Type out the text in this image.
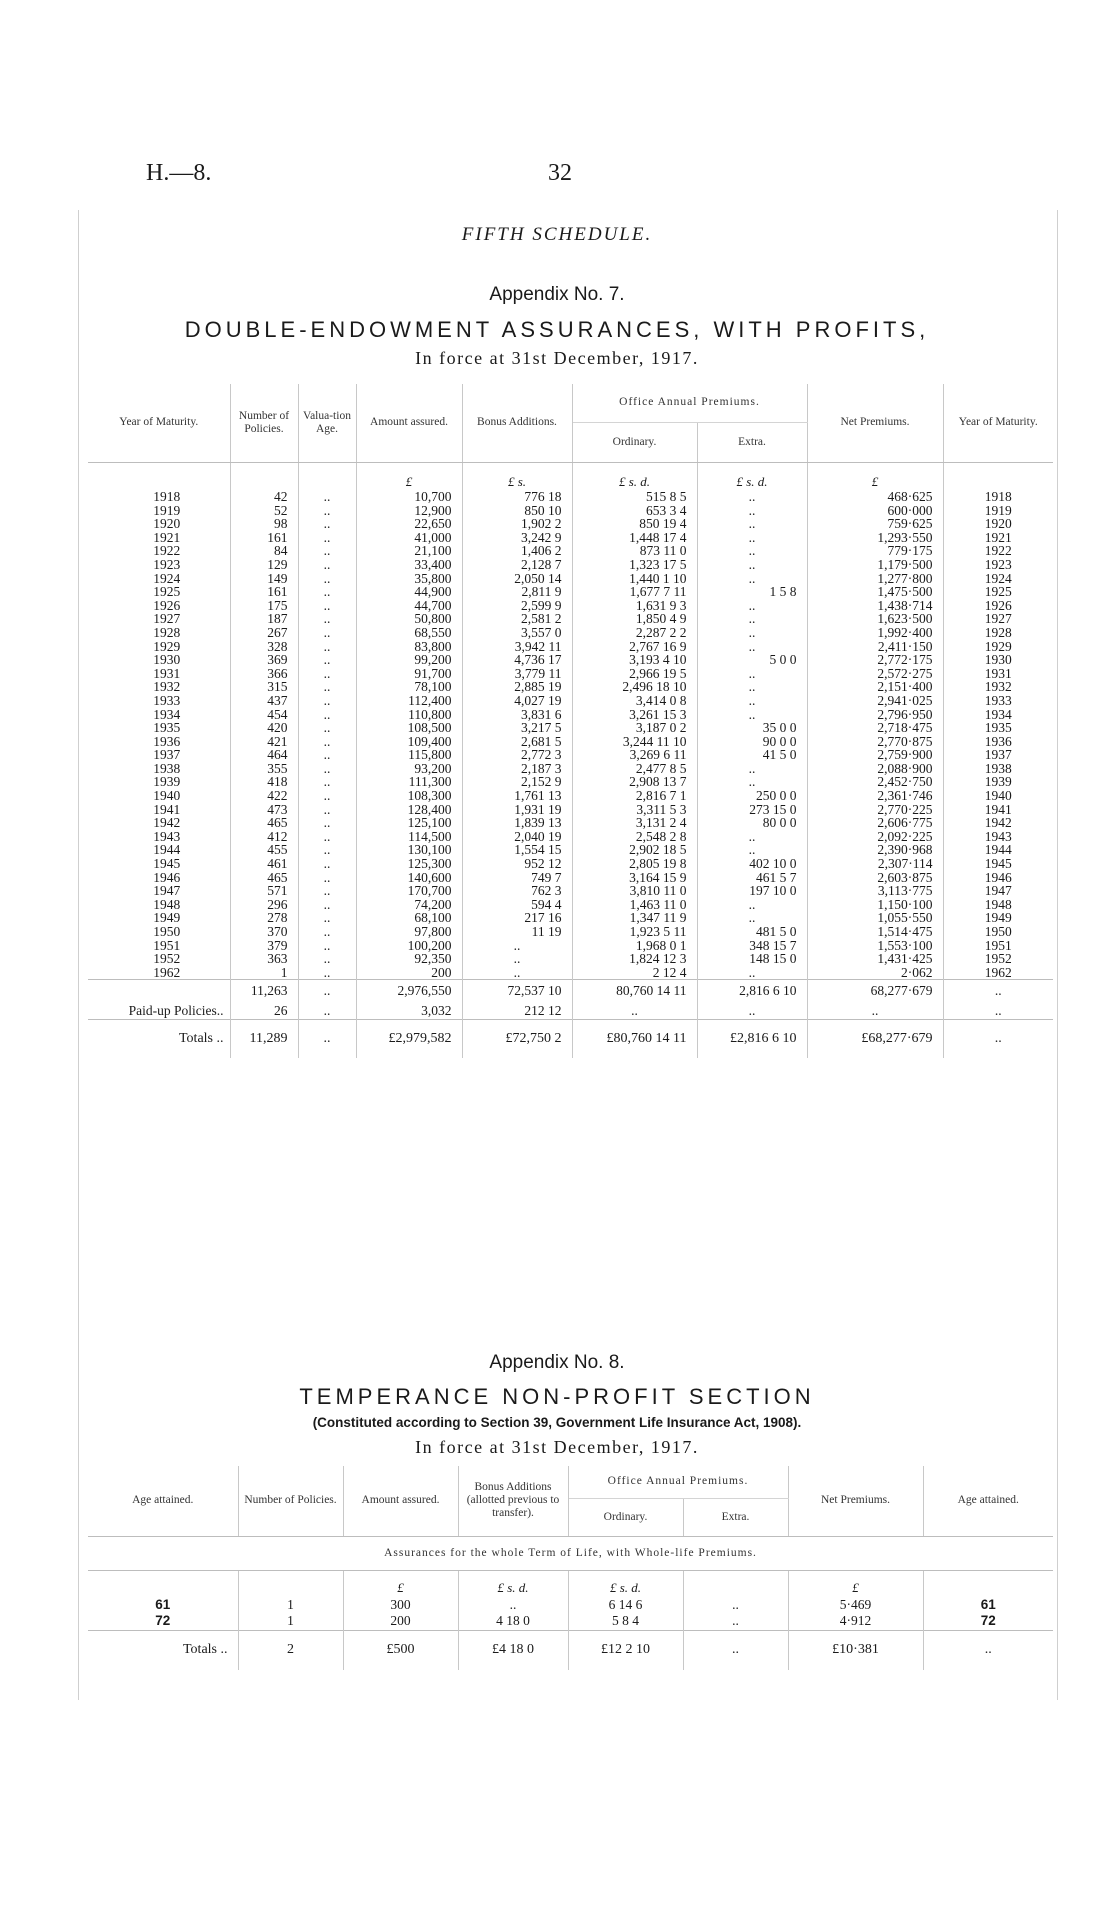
H.—8.	32
FIFTH SCHEDULE.
Appendix No. 7.
DOUBLE-ENDOWMENT ASSURANCES, WITH PROFITS,
In force at 31st December, 1917.
Year of Maturity.	Number of Policies.	Valua-tion Age.	Amount assured.	Bonus Additions.	Office Annual Premiums.		Net Premiums.	Year of Maturity.
					Ordinary.	Extra.		
			£	£ s.	£ s. d.	£ s. d.	£	
1918	42	..	10,700	776 18	515 8 5	..	468·625	1918
1919	52	..	12,900	850 10	653 3 4	..	600·000	1919
1920	98	..	22,650	1,902 2	850 19 4	..	759·625	1920
1921	161	..	41,000	3,242 9	1,448 17 4	..	1,293·550	1921
1922	84	..	21,100	1,406 2	873 11 0	..	779·175	1922
1923	129	..	33,400	2,128 7	1,323 17 5	..	1,179·500	1923
1924	149	..	35,800	2,050 14	1,440 1 10	..	1,277·800	1924
1925	161	..	44,900	2,811 9	1,677 7 11	1 5 8	1,475·500	1925
1926	175	..	44,700	2,599 9	1,631 9 3	..	1,438·714	1926
1927	187	..	50,800	2,581 2	1,850 4 9	..	1,623·500	1927
1928	267	..	68,550	3,557 0	2,287 2 2	..	1,992·400	1928
1929	328	..	83,800	3,942 11	2,767 16 9	..	2,411·150	1929
1930	369	..	99,200	4,736 17	3,193 4 10	5 0 0	2,772·175	1930
1931	366	..	91,700	3,779 11	2,966 19 5	..	2,572·275	1931
1932	315	..	78,100	2,885 19	2,496 18 10	..	2,151·400	1932
1933	437	..	112,400	4,027 19	3,414 0 8	..	2,941·025	1933
1934	454	..	110,800	3,831 6	3,261 15 3	..	2,796·950	1934
1935	420	..	108,500	3,217 5	3,187 0 2	35 0 0	2,718·475	1935
1936	421	..	109,400	2,681 5	3,244 11 10	90 0 0	2,770·875	1936
1937	464	..	115,800	2,772 3	3,269 6 11	41 5 0	2,759·900	1937
1938	355	..	93,200	2,187 3	2,477 8 5	..	2,088·900	1938
1939	418	..	111,300	2,152 9	2,908 13 7	..	2,452·750	1939
1940	422	..	108,300	1,761 13	2,816 7 1	250 0 0	2,361·746	1940
1941	473	..	128,400	1,931 19	3,311 5 3	273 15 0	2,770·225	1941
1942	465	..	125,100	1,839 13	3,131 2 4	80 0 0	2,606·775	1942
1943	412	..	114,500	2,040 19	2,548 2 8	..	2,092·225	1943
1944	455	..	130,100	1,554 15	2,902 18 5	..	2,390·968	1944
1945	461	..	125,300	952 12	2,805 19 8	402 10 0	2,307·114	1945
1946	465	..	140,600	749 7	3,164 15 9	461 5 7	2,603·875	1946
1947	571	..	170,700	762 3	3,810 11 0	197 10 0	3,113·775	1947
1948	296	..	74,200	594 4	1,463 11 0	..	1,150·100	1948
1949	278	..	68,100	217 16	1,347 11 9	..	1,055·550	1949
1950	370	..	97,800	11 19	1,923 5 11	481 5 0	1,514·475	1950
1951	379	..	100,200	..	1,968 0 1	348 15 7	1,553·100	1951
1952	363	..	92,350	..	1,824 12 3	148 15 0	1,431·425	1952
1962	1	..	200	..	2 12 4	..	2·062	1962
	11,263	..	2,976,550	72,537 10	80,760 14 11	2,816 6 10	68,277·679	..
Paid-up Policies..	26	..	3,032	212 12	..	..	..	..
Totals ..	11,289	..	£2,979,582	£72,750 2	£80,760 14 11	£2,816 6 10	£68,277·679	..
Appendix No. 8.
TEMPERANCE NON-PROFIT SECTION
(Constituted according to Section 39, Government Life Insurance Act, 1908).
In force at 31st December, 1917.
Age attained.	Number of Policies.	Amount assured.	Bonus Additions (allotted previous to transfer).	Office Annual Premiums.		Net Premiums.	Age attained.
				Ordinary.	Extra.		
Assurances for the whole Term of Life, with Whole-life Premiums.							
		£	£ s. d.	£ s. d.		£	
61	1	300	..	6 14 6	..	5·469	61
72	1	200	4 18 0	5 8 4	..	4·912	72
Totals ..	2	£500	£4 18 0	£12 2 10	..	£10·381	..
